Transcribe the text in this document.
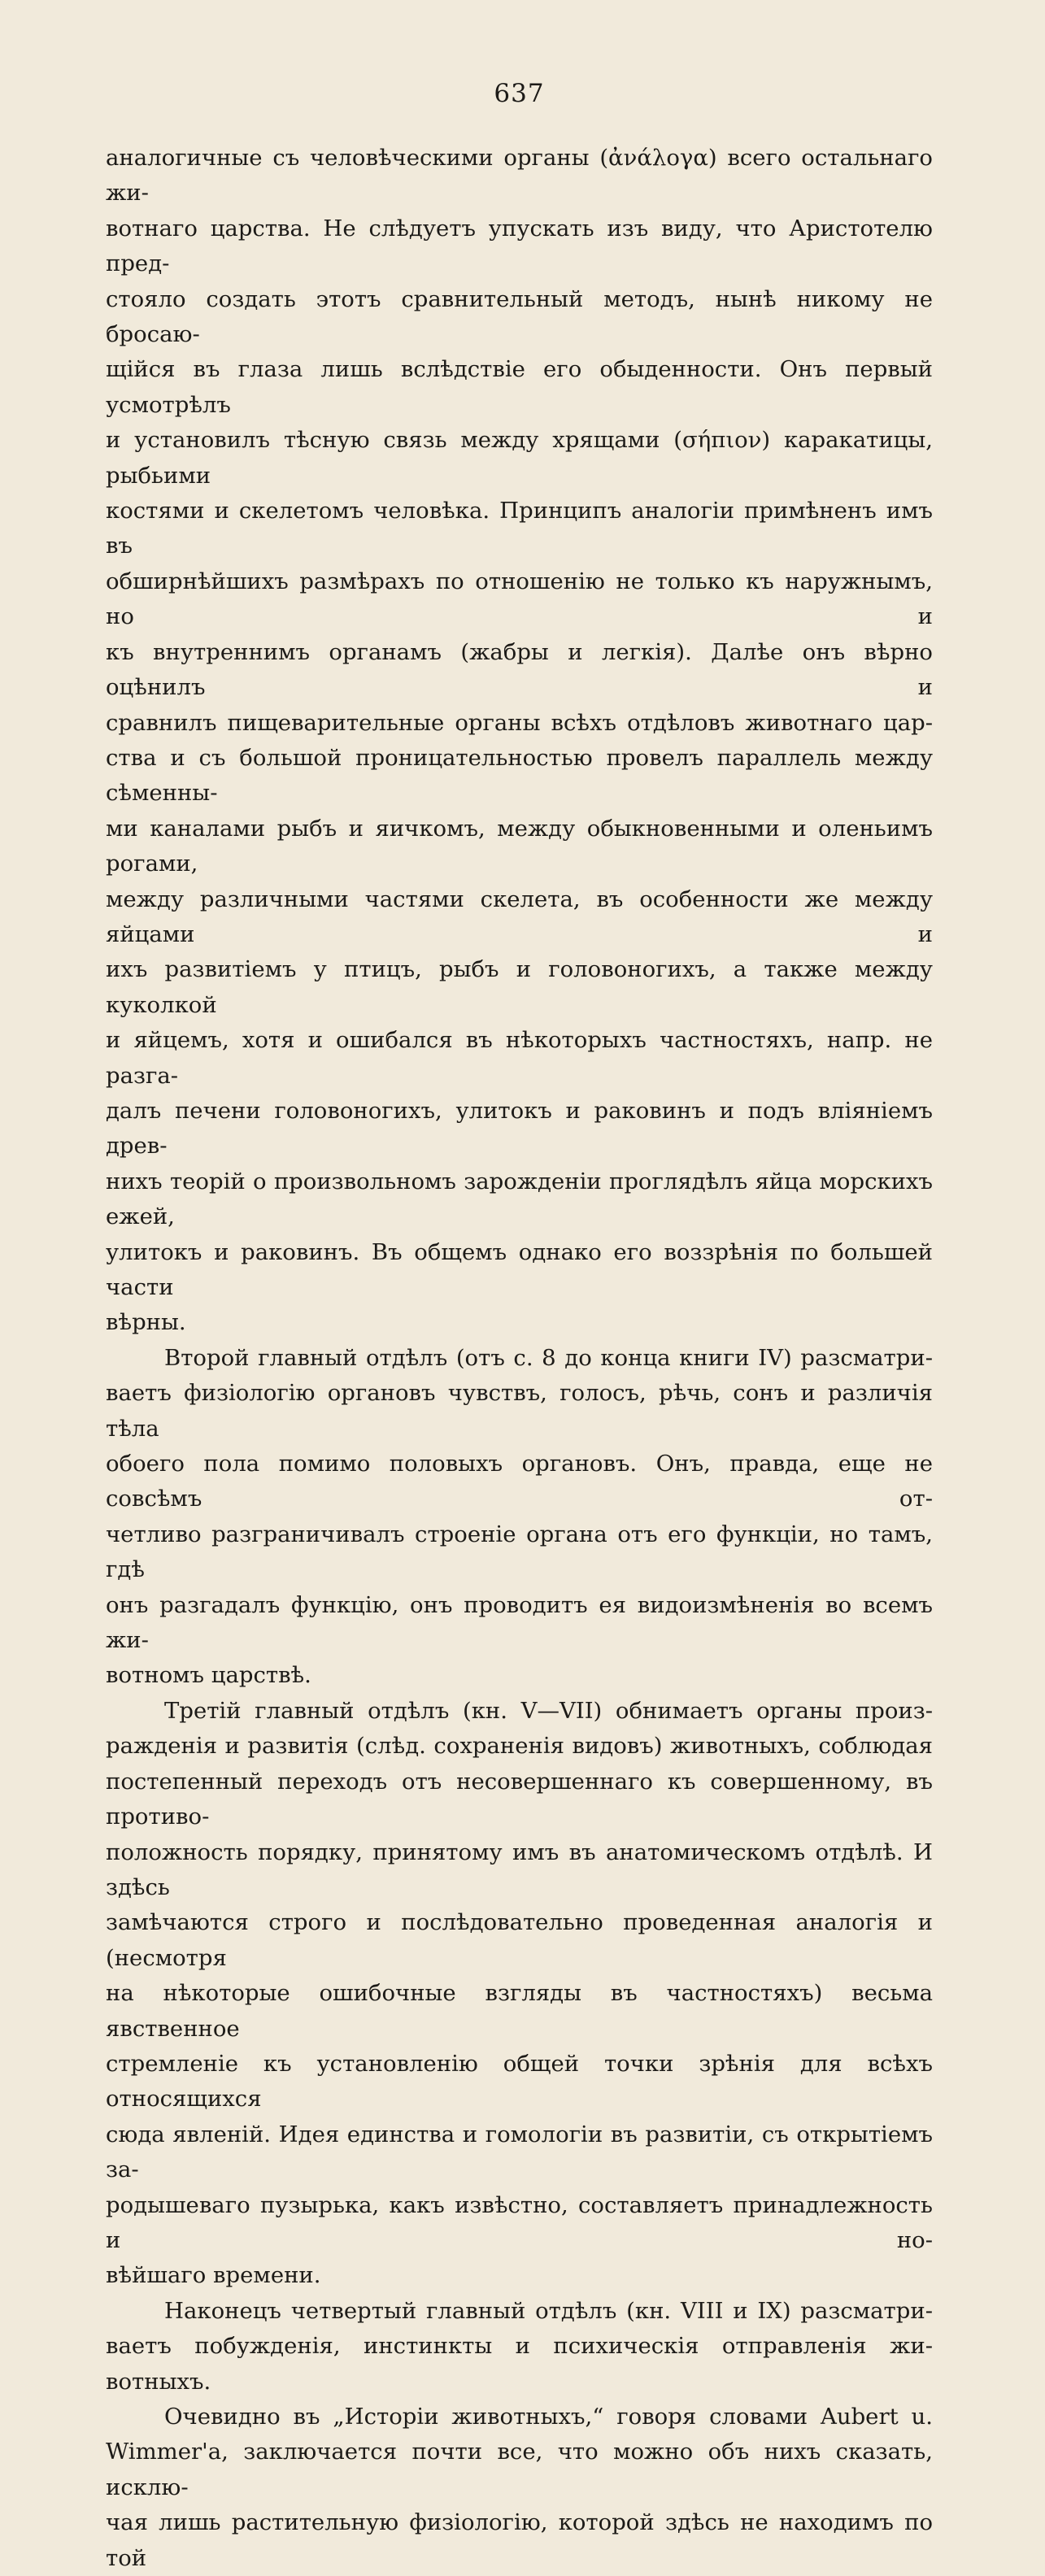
637
аналогичные съ человѣческими органы (ἀνάλογα) всего остальнаго жи-
вотнаго царства. Не слѣдуетъ упускать изъ виду, что Аристотелю пред-
стояло создать этотъ сравнительный методъ, нынѣ никому не бросаю-
щійся въ глаза лишь вслѣдствіе его обыденности. Онъ первый усмотрѣлъ
и установилъ тѣсную связь между хрящами (σήπιον) каракатицы, рыбьими
костями и скелетомъ человѣка. Принципъ аналогіи примѣненъ имъ въ
обширнѣйшихъ размѣрахъ по отношенію не только къ наружнымъ, но и
къ внутреннимъ органамъ (жабры и легкія). Далѣе онъ вѣрно оцѣнилъ и
сравнилъ пищеварительные органы всѣхъ отдѣловъ животнаго цар-
ства и съ большой проницательностью провелъ параллель между сѣменны-
ми каналами рыбъ и яичкомъ, между обыкновенными и оленьимъ рогами,
между различными частями скелета, въ особенности же между яйцами и
ихъ развитіемъ у птицъ, рыбъ и головоногихъ, а также между куколкой
и яйцемъ, хотя и ошибался въ нѣкоторыхъ частностяхъ, напр. не разга-
далъ печени головоногихъ, улитокъ и раковинъ и подъ вліяніемъ древ-
нихъ теорій о произвольномъ зарожденіи проглядѣлъ яйца морскихъ ежей,
улитокъ и раковинъ. Въ общемъ однако его воззрѣнія по большей части
вѣрны.
Второй главный отдѣлъ (отъ с. 8 до конца книги IV) разсматри-
ваетъ физіологію органовъ чувствъ, голосъ, рѣчь, сонъ и различія тѣла
обоего пола помимо половыхъ органовъ. Онъ, правда, еще не совсѣмъ от-
четливо разграничивалъ строеніе органа отъ его функціи, но тамъ, гдѣ
онъ разгадалъ функцію, онъ проводитъ ея видоизмѣненія во всемъ жи-
вотномъ царствѣ.
Третій главный отдѣлъ (кн. V—VII) обнимаетъ органы произ-
ражденія и развитія (слѣд. сохраненія видовъ) животныхъ, соблюдая
постепенный переходъ отъ несовершеннаго къ совершенному, въ противо-
положность порядку, принятому имъ въ анатомическомъ отдѣлѣ. И здѣсь
замѣчаются строго и послѣдовательно проведенная аналогія и (несмотря
на нѣкоторые ошибочные взгляды въ частностяхъ) весьма явственное
стремленіе къ установленію общей точки зрѣнія для всѣхъ относящихся
сюда явленій. Идея единства и гомологіи въ развитіи, съ открытіемъ за-
родышеваго пузырька, какъ извѣстно, составляетъ принадлежность и но-
вѣйшаго времени.
Наконецъ четвертый главный отдѣлъ (кн. VIII и IX) разсматри-
ваетъ побужденія, инстинкты и психическія отправленія жи-
вотныхъ.
Очевидно въ „Исторіи животныхъ,“ говоря словами Aubert u.
Wimmer'a, заключается почти все, что можно объ нихъ сказать, исклю-
чая лишь растительную физіологію, которой здѣсь не находимъ по той
